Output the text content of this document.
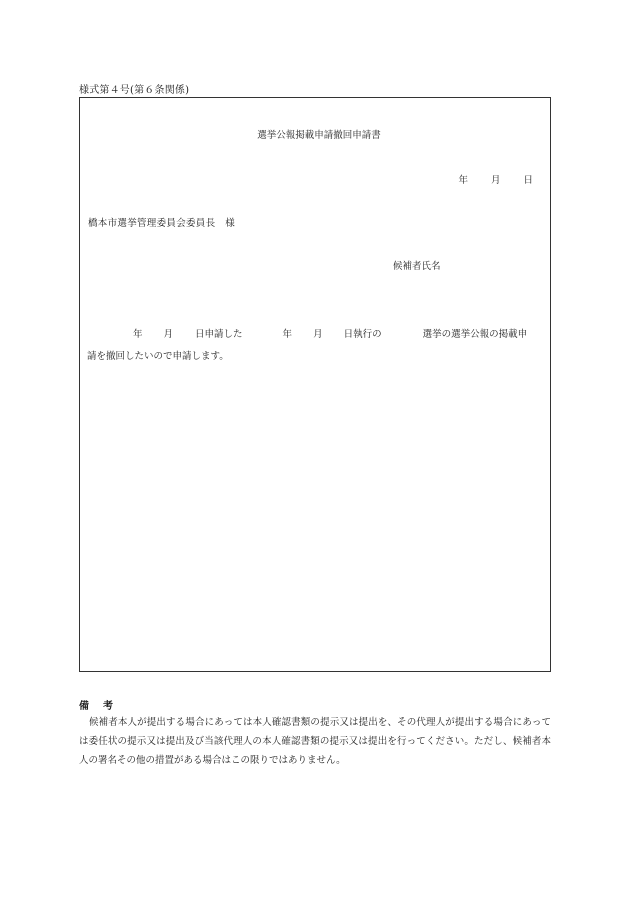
様式第４号(第６条関係)
選挙公報掲載申請撤回申請書
年 月 日
橋本市選挙管理委員会委員長　様
候補者氏名
年 月 日申請した	年 月 日執行の	選挙の選挙公報の掲載申
請を撤回したいので申請します。
備　考
候補者本人が提出する場合にあっては本人確認書類の提示又は提出を、その代理人が提出する場合にあっては委任状の提示又は提出及び当該代理人の本人確認書類の提示又は提出を行ってください。ただし、候補者本人の署名その他の措置がある場合はこの限りではありません。
